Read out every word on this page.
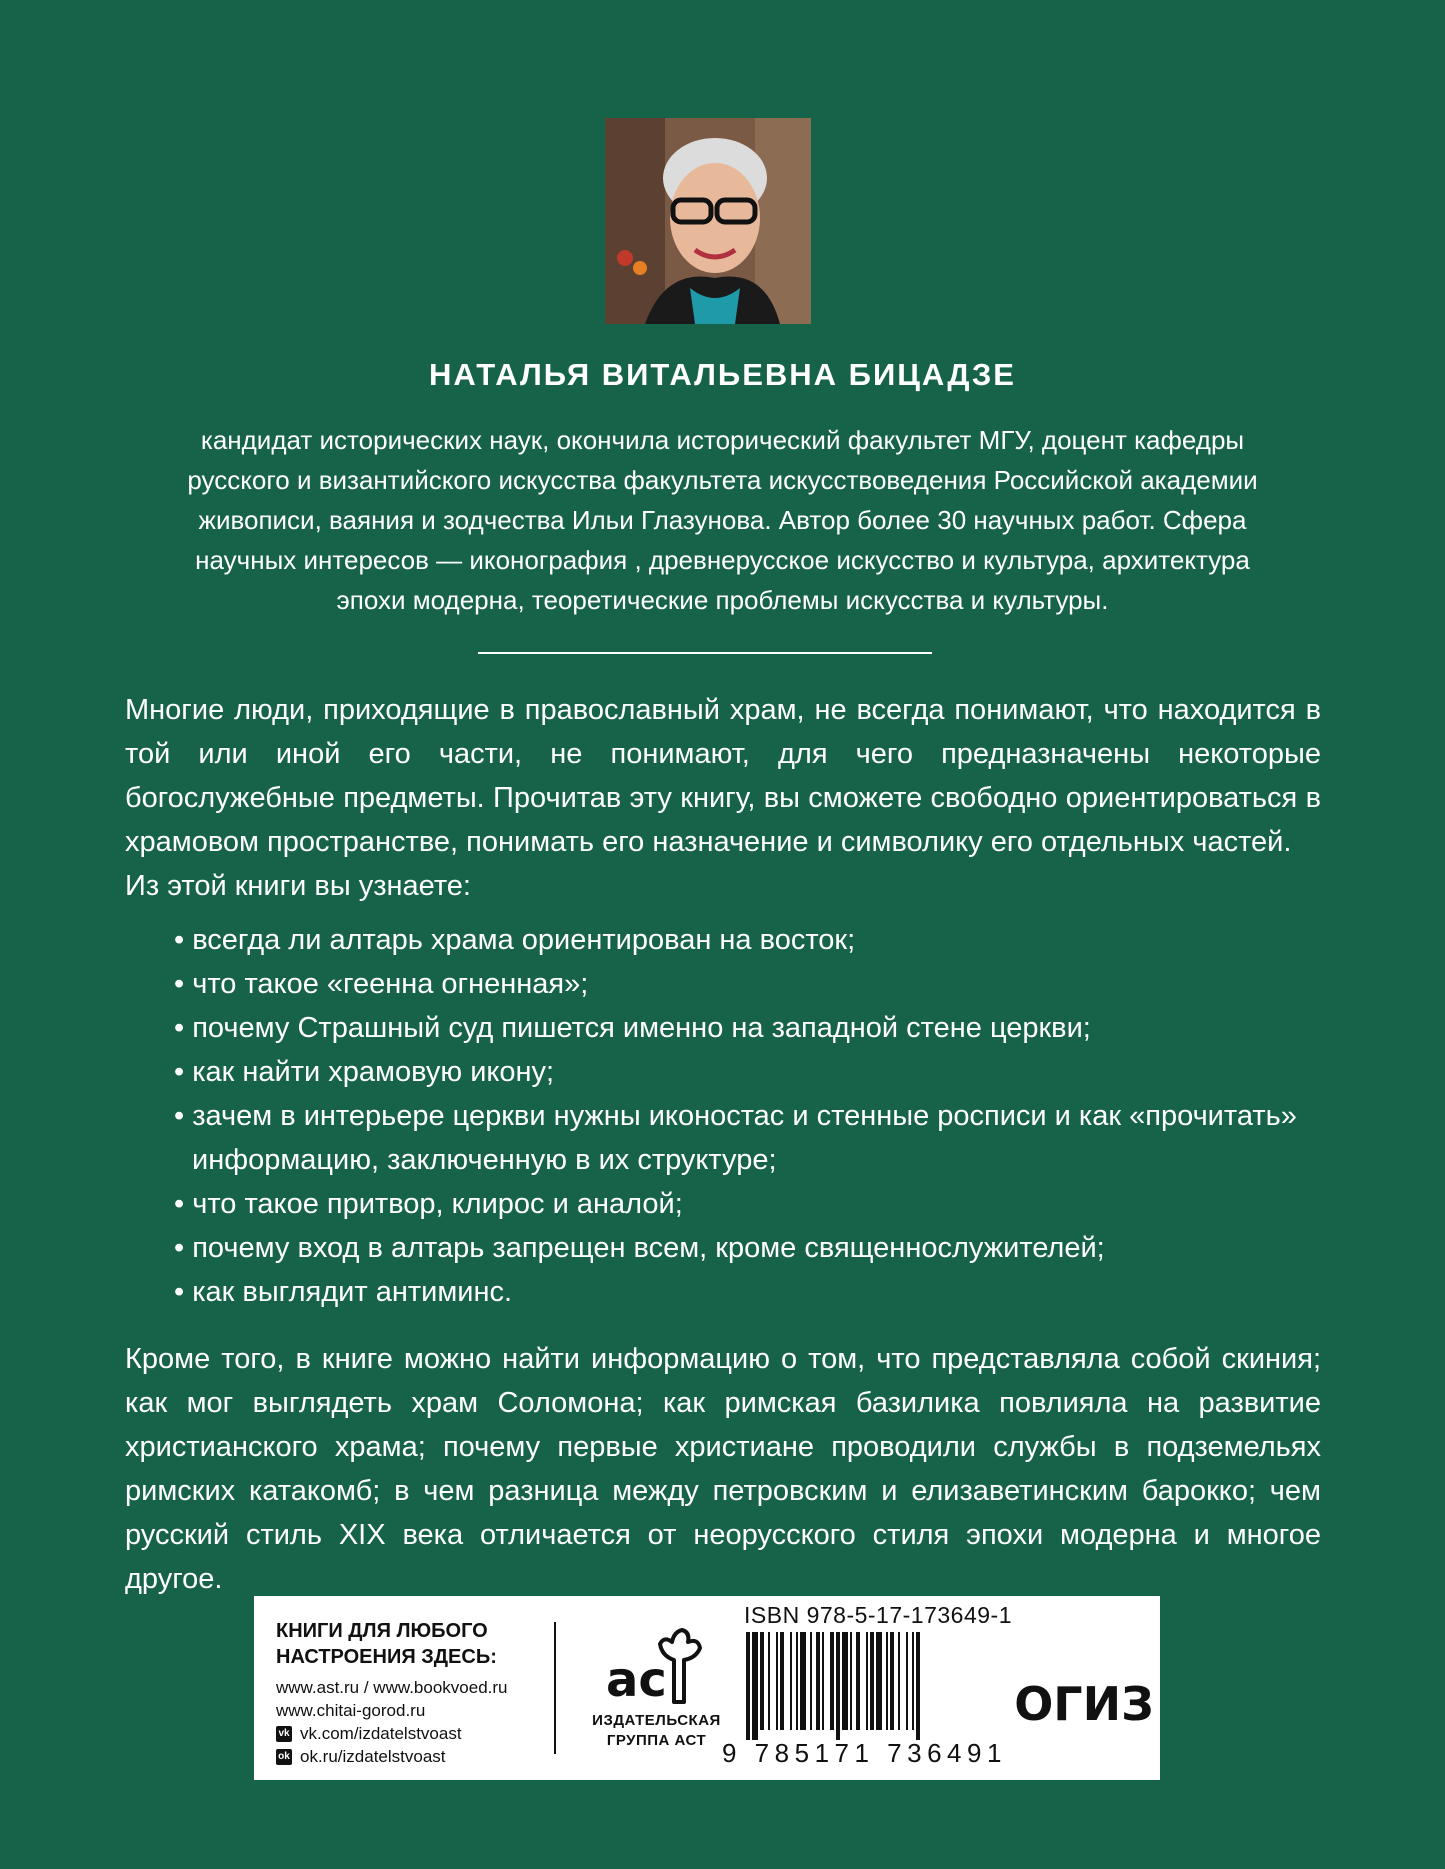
НАТАЛЬЯ ВИТАЛЬЕВНА БИЦАДЗЕ
кандидат исторических наук, окончила исторический факультет МГУ, доцент кафедры
русского и византийского искусства факультета искусствоведения Российской академии
живописи, ваяния и зодчества Ильи Глазунова. Автор более 30 научных работ. Сфера
научных интересов — иконография , древнерусское искусство и культура, архитектура
эпохи модерна, теоретические проблемы искусства и культуры.

Многие люди, приходящие в православный храм, не всегда понимают, что находится в той или иной его части, не понимают, для чего предназначены некоторые богослужебные предметы. Прочитав эту книгу, вы сможете свободно ориентироваться в храмовом пространстве, понимать его назначение и символику его отдельных частей.

Из этой книги вы узнаете:
• всегда ли алтарь храма ориентирован на восток;
• что такое «геенна огненная»;
• почему Страшный суд пишется именно на западной стене церкви;
• как найти храмовую икону;
• зачем в интерьере церкви нужны иконостас и стенные росписи и как «прочитать» информацию, заключенную в их структуре;
• что такое притвор, клирос и аналой;
• почему вход в алтарь запрещен всем, кроме священнослужителей;
• как выглядит антиминс.

Кроме того, в книге можно найти информацию о том, что представляла собой скиния; как мог выглядеть храм Соломона; как римская базилика повлияла на развитие христианского храма; почему первые христиане проводили службы в подземельях римских катакомб; в чем разница между петровским и елизаветинским барокко; чем русский стиль XIX века отличается от неорусского стиля эпохи модерна и многое другое.

КНИГИ ДЛЯ ЛЮБОГО
НАСТРОЕНИЯ ЗДЕСЬ:
www.ast.ru / www.bookvoed.ru
www.chitai-gorod.ru
vk vk.com/izdatelstvoast
ok ok.ru/izdatelstvoast
ac
ИЗДАТЕЛЬСКАЯ
ГРУППА АСТ
ISBN 978-5-17-173649-1
9 785171 736491
ОГИЗ
